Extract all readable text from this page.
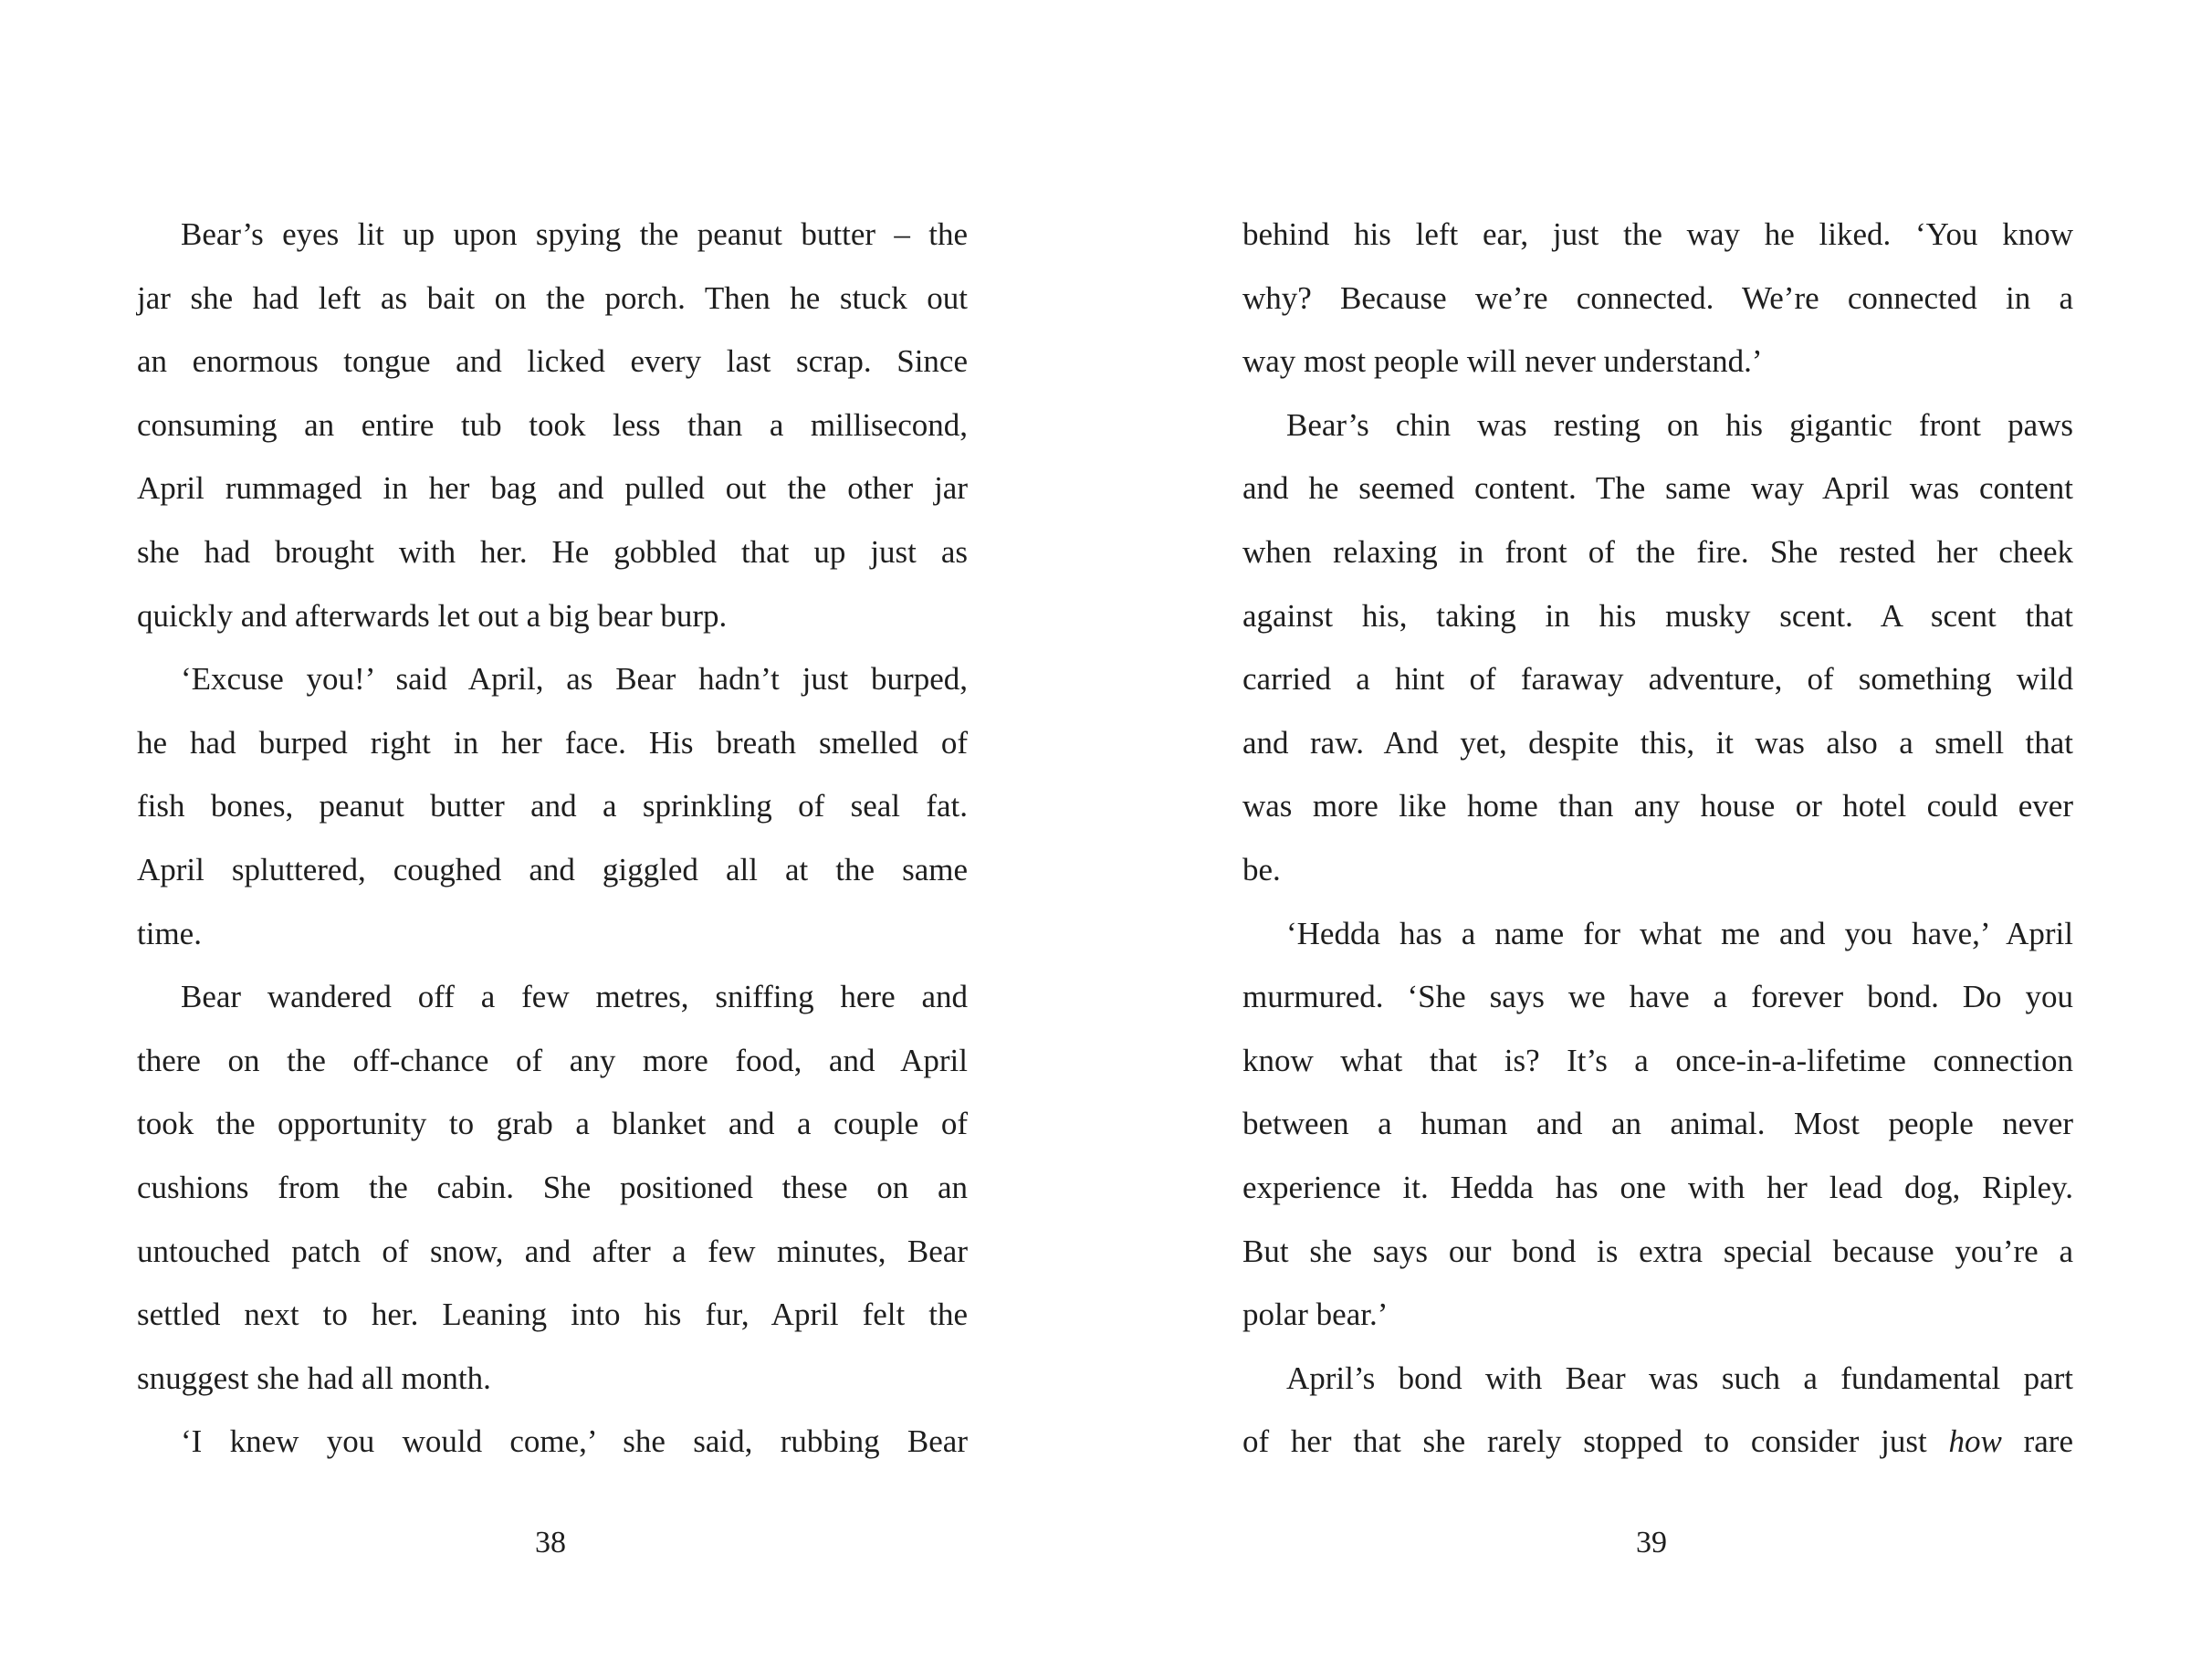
Bear’s eyes lit up upon spying the peanut butter – the
jar she had left as bait on the porch. Then he stuck out
an enormous tongue and licked every last scrap. Since
consuming an entire tub took less than a millisecond,
April rummaged in her bag and pulled out the other jar
she had brought with her. He gobbled that up just as
quickly and afterwards let out a big bear burp.
‘Excuse you!’ said April, as Bear hadn’t just burped,
he had burped right in her face. His breath smelled of
fish bones, peanut butter and a sprinkling of seal fat.
April spluttered, coughed and giggled all at the same
time.
Bear wandered off a few metres, sniffing here and
there on the off-chance of any more food, and April
took the opportunity to grab a blanket and a couple of
cushions from the cabin. She positioned these on an
untouched patch of snow, and after a few minutes, Bear
settled next to her. Leaning into his fur, April felt the
snuggest she had all month.
‘I knew you would come,’ she said, rubbing Bear
38
behind his left ear, just the way he liked. ‘You know
why? Because we’re connected. We’re connected in a
way most people will never understand.’
Bear’s chin was resting on his gigantic front paws
and he seemed content. The same way April was content
when relaxing in front of the fire. She rested her cheek
against his, taking in his musky scent. A scent that
carried a hint of faraway adventure, of something wild
and raw. And yet, despite this, it was also a smell that
was more like home than any house or hotel could ever
be.
‘Hedda has a name for what me and you have,’ April
murmured. ‘She says we have a forever bond. Do you
know what that is? It’s a once-in-a-lifetime connection
between a human and an animal. Most people never
experience it. Hedda has one with her lead dog, Ripley.
But she says our bond is extra special because you’re a
polar bear.’
April’s bond with Bear was such a fundamental part
of her that she rarely stopped to consider just how rare
39
